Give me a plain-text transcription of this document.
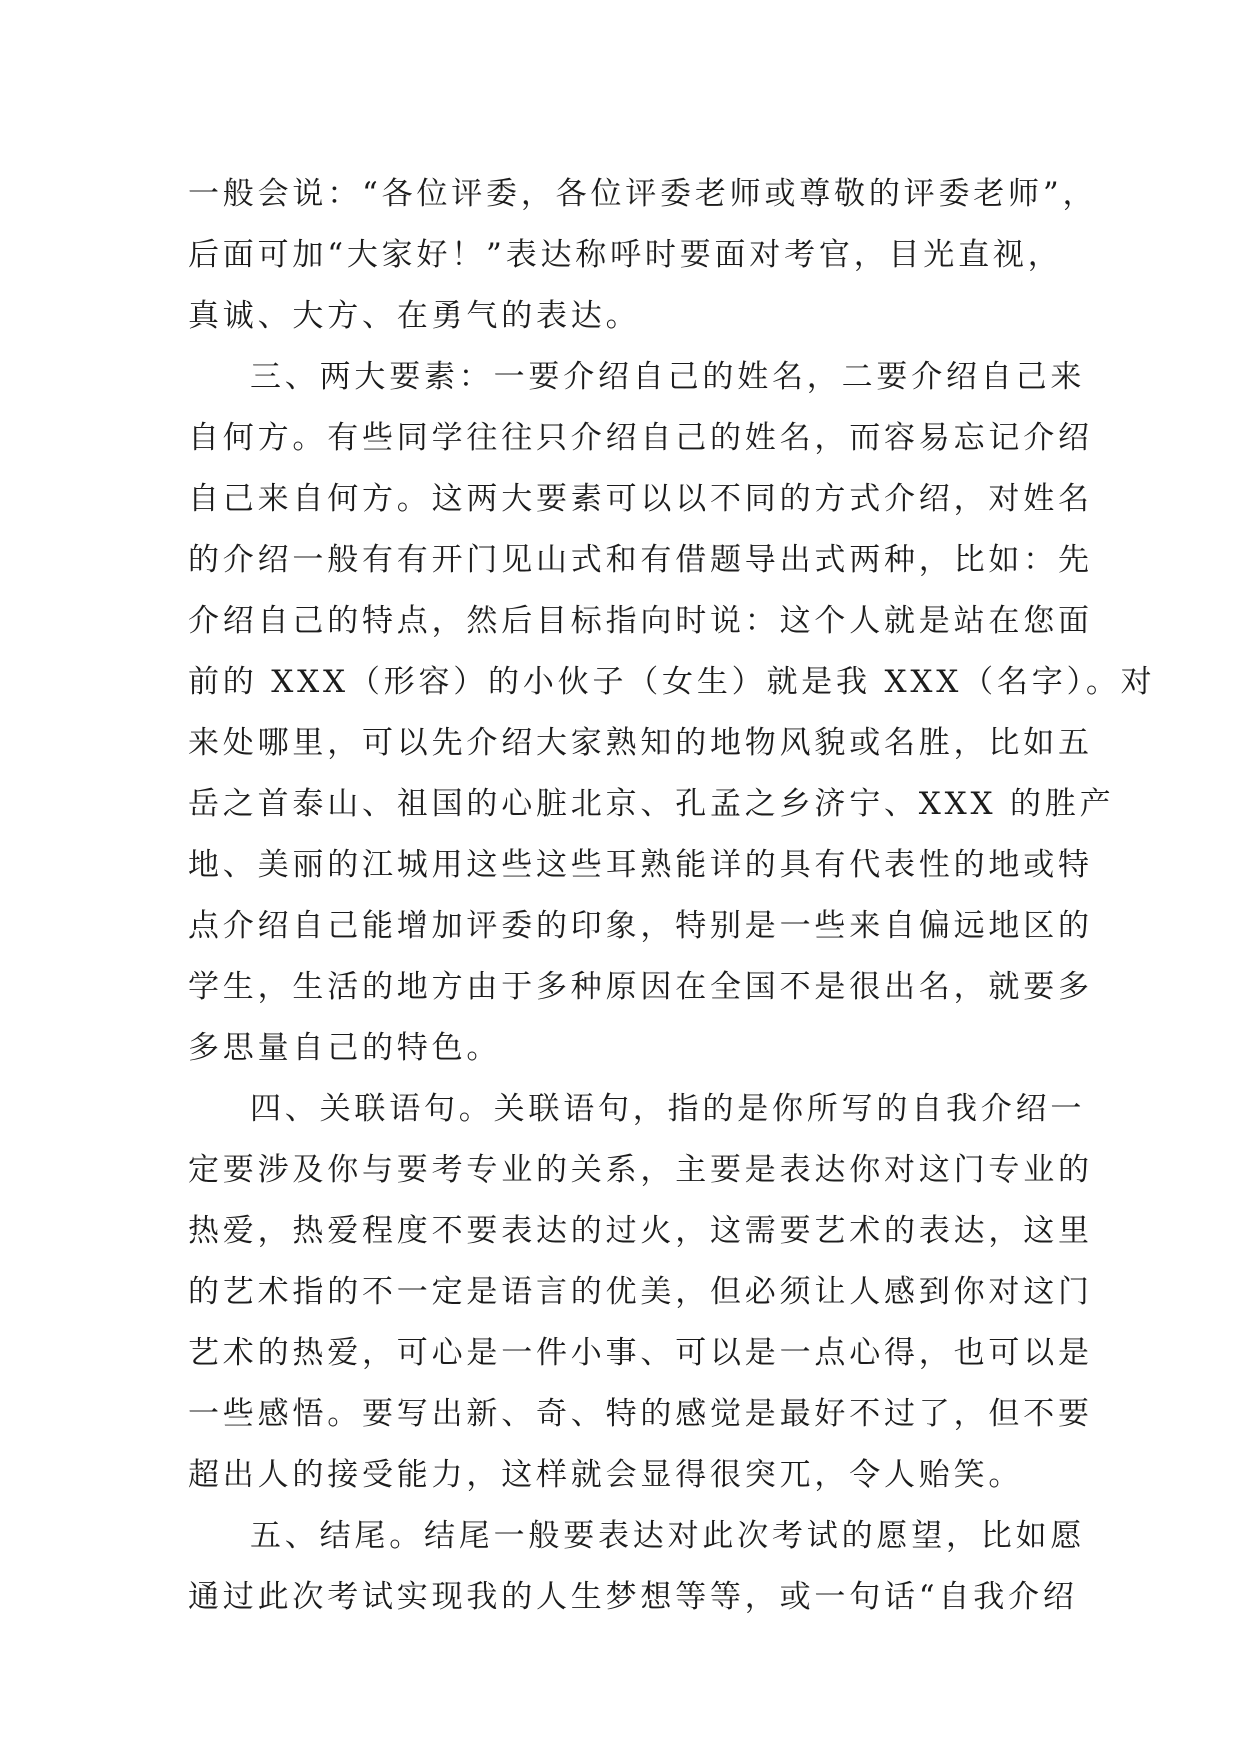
一般会说：“各位评委，各位评委老师或尊敬的评委老师”，
后面可加“大家好！”表达称呼时要面对考官，目光直视，
真诚、大方、在勇气的表达。
三、两大要素：一要介绍自己的姓名，二要介绍自己来
自何方。有些同学往往只介绍自己的姓名，而容易忘记介绍
自己来自何方。这两大要素可以以不同的方式介绍，对姓名
的介绍一般有有开门见山式和有借题导出式两种，比如：先
介绍自己的特点，然后目标指向时说：这个人就是站在您面
前的 XXX（形容）的小伙子（女生）就是我 XXX（名字）。对
来处哪里，可以先介绍大家熟知的地物风貌或名胜，比如五
岳之首泰山、祖国的心脏北京、孔孟之乡济宁、XXX 的胜产
地、美丽的江城用这些这些耳熟能详的具有代表性的地或特
点介绍自己能增加评委的印象，特别是一些来自偏远地区的
学生，生活的地方由于多种原因在全国不是很出名，就要多
多思量自己的特色。
四、关联语句。关联语句，指的是你所写的自我介绍一
定要涉及你与要考专业的关系，主要是表达你对这门专业的
热爱，热爱程度不要表达的过火，这需要艺术的表达，这里
的艺术指的不一定是语言的优美，但必须让人感到你对这门
艺术的热爱，可心是一件小事、可以是一点心得，也可以是
一些感悟。要写出新、奇、特的感觉是最好不过了，但不要
超出人的接受能力，这样就会显得很突兀，令人贻笑。
五、结尾。结尾一般要表达对此次考试的愿望，比如愿
通过此次考试实现我的人生梦想等等，或一句话“自我介绍
